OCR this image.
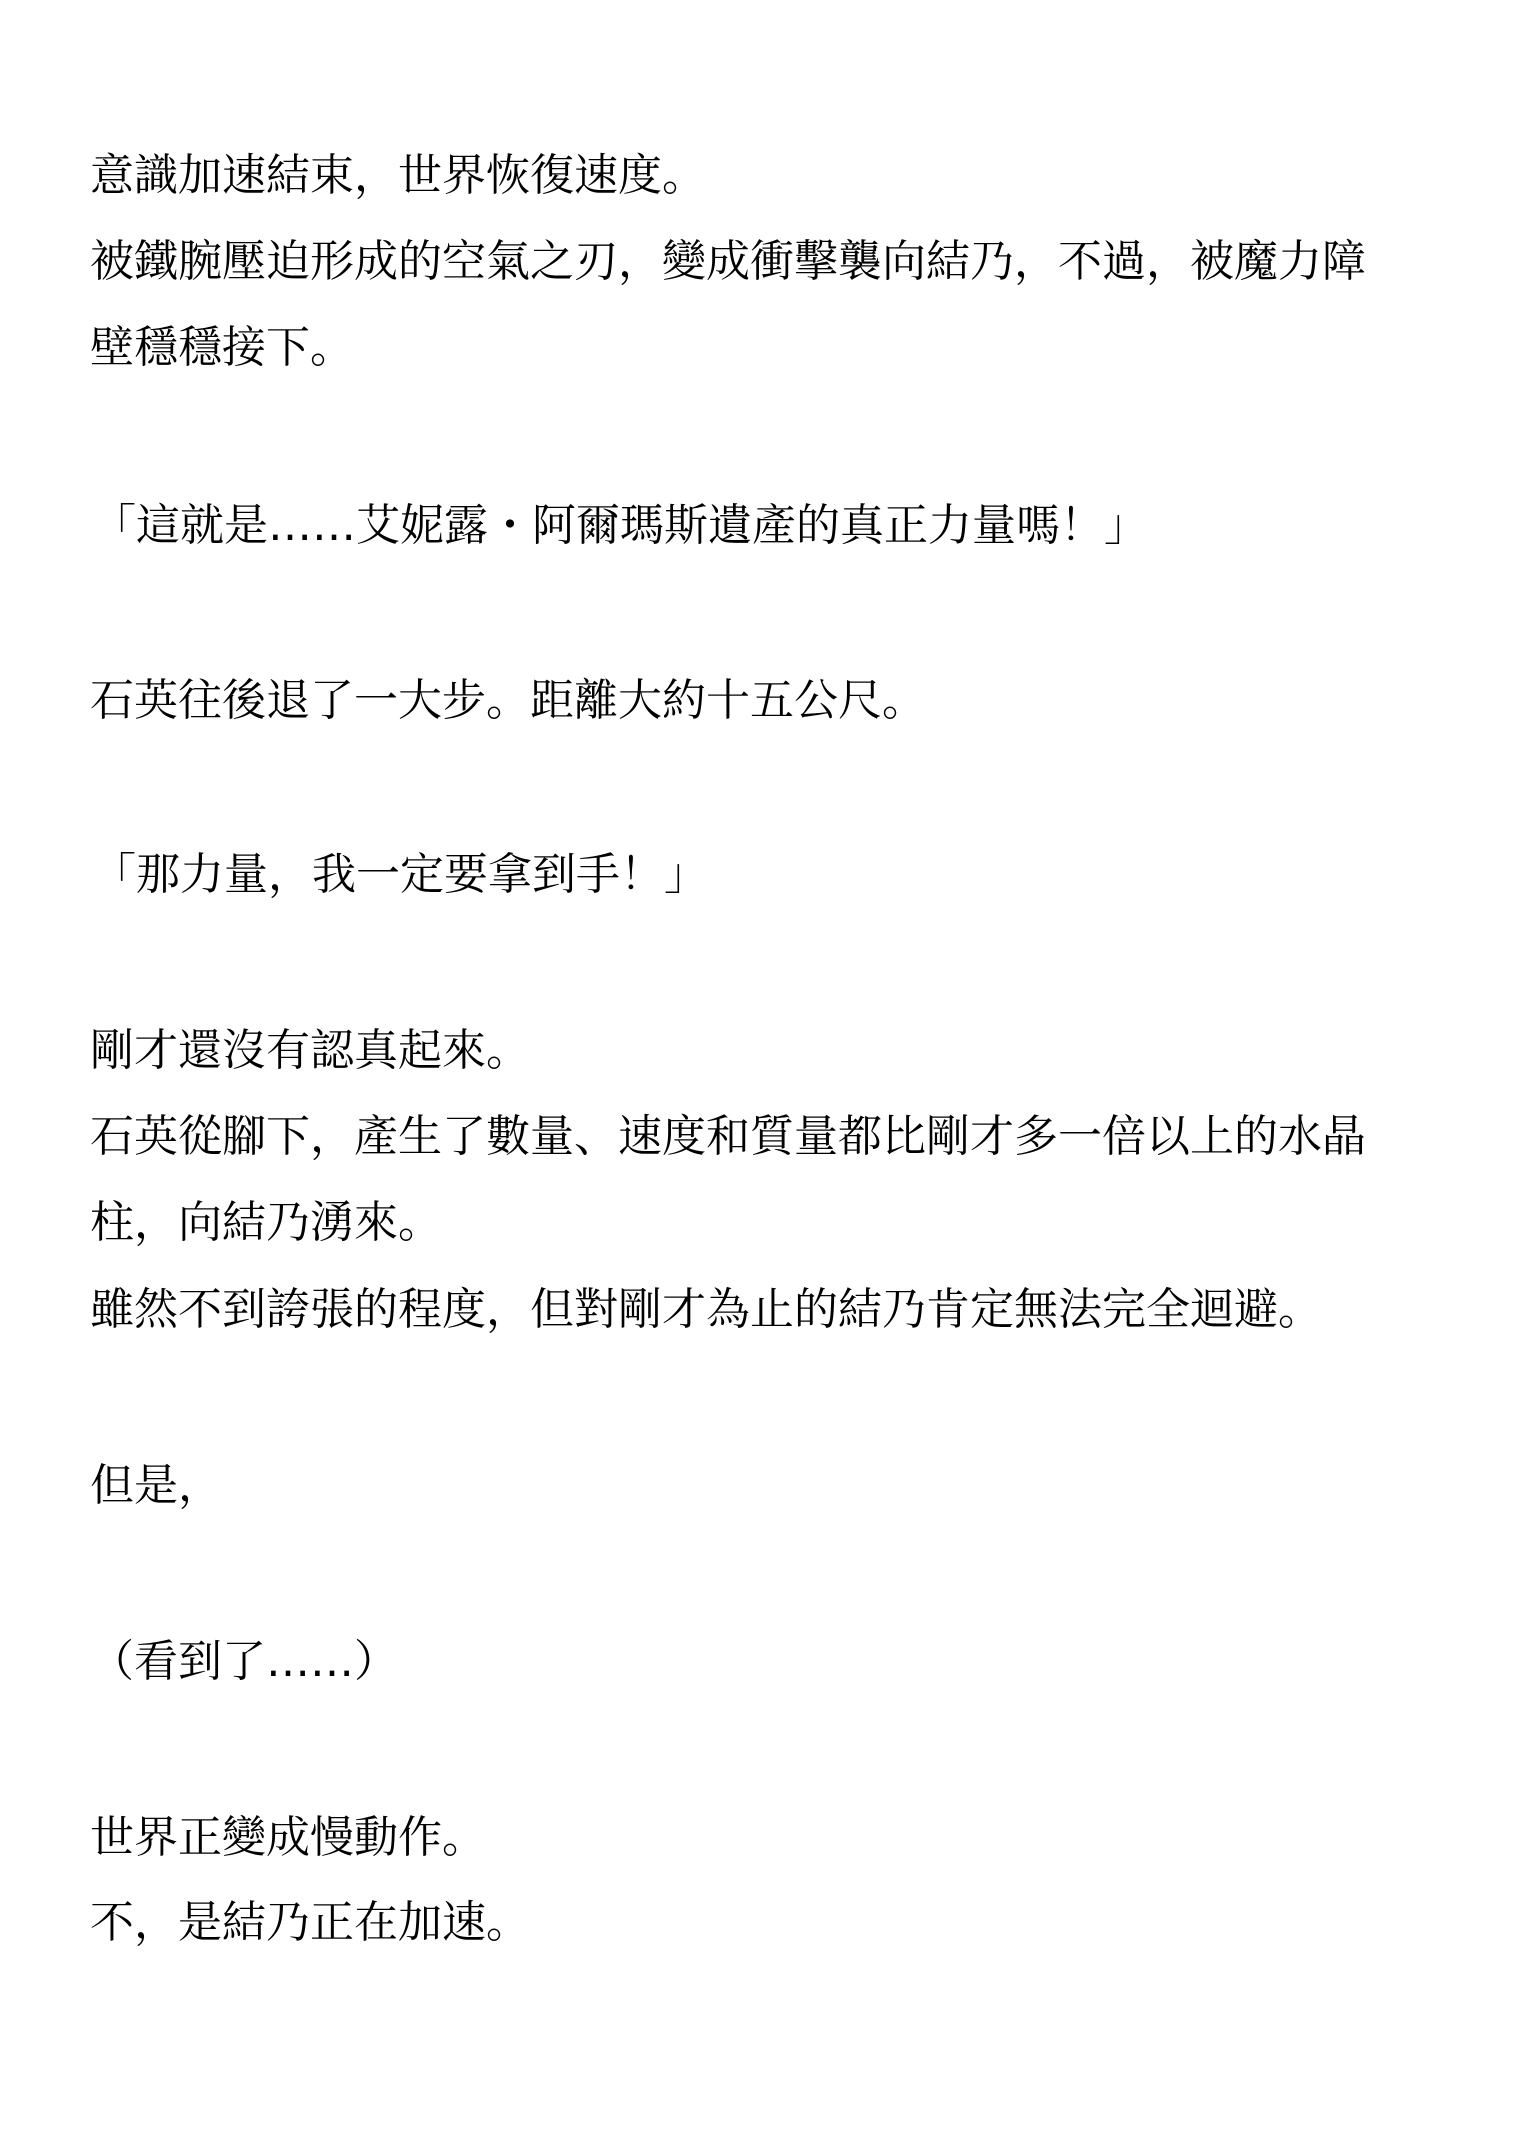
意識加速結束，世界恢復速度。
被鐵腕壓迫形成的空氣之刃，變成衝擊襲向結乃，不過，被魔力障
壁穩穩接下。
「這就是……艾妮露・阿爾瑪斯遺產的真正力量嗎！」
石英往後退了一大步。距離大約十五公尺。
「那力量，我一定要拿到手！」
剛才還沒有認真起來。
石英從腳下，產生了數量、速度和質量都比剛才多一倍以上的水晶
柱，向結乃湧來。
雖然不到誇張的程度，但對剛才為止的結乃肯定無法完全迴避。
但是，
（看到了……）
世界正變成慢動作。
不，是結乃正在加速。
